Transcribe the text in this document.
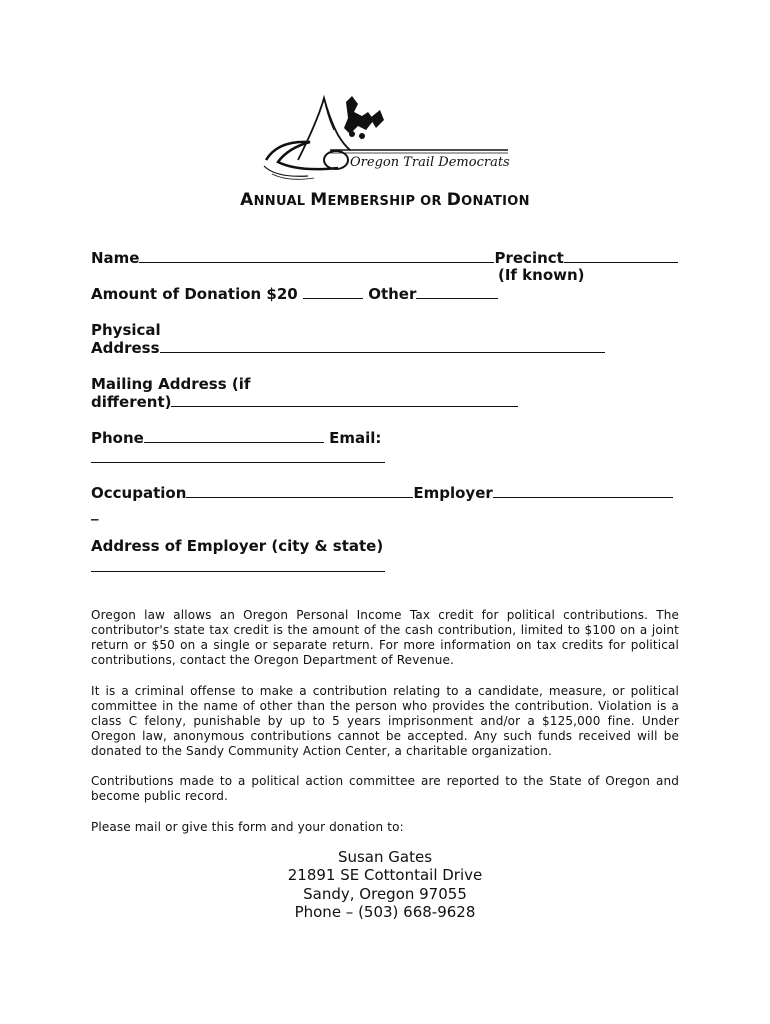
Oregon Trail Democrats
ANNUAL MEMBERSHIP OR DONATION
Name	Precinct
(If known)
Amount of Donation $20	Other
Physical
Address
Mailing Address (if
different)
Phone	Email:
Occupation	Employer
_
Address of Employer (city & state)
Oregon law allows an Oregon Personal Income Tax credit for political contributions. The contributor's state tax credit is the amount of the cash contribution, limited to $100 on a joint return or $50 on a single or separate return. For more information on tax credits for political contributions, contact the Oregon Department of Revenue.
It is a criminal offense to make a contribution relating to a candidate, measure, or political committee in the name of other than the person who provides the contribution. Violation is a class C felony, punishable by up to 5 years imprisonment and/or a $125,000 fine. Under Oregon law, anonymous contributions cannot be accepted. Any such funds received will be donated to the Sandy Community Action Center, a charitable organization.
Contributions made to a political action committee are reported to the State of Oregon and become public record.
Please mail or give this form and your donation to:
Susan Gates
21891 SE Cottontail Drive
Sandy, Oregon 97055
Phone – (503) 668-9628
